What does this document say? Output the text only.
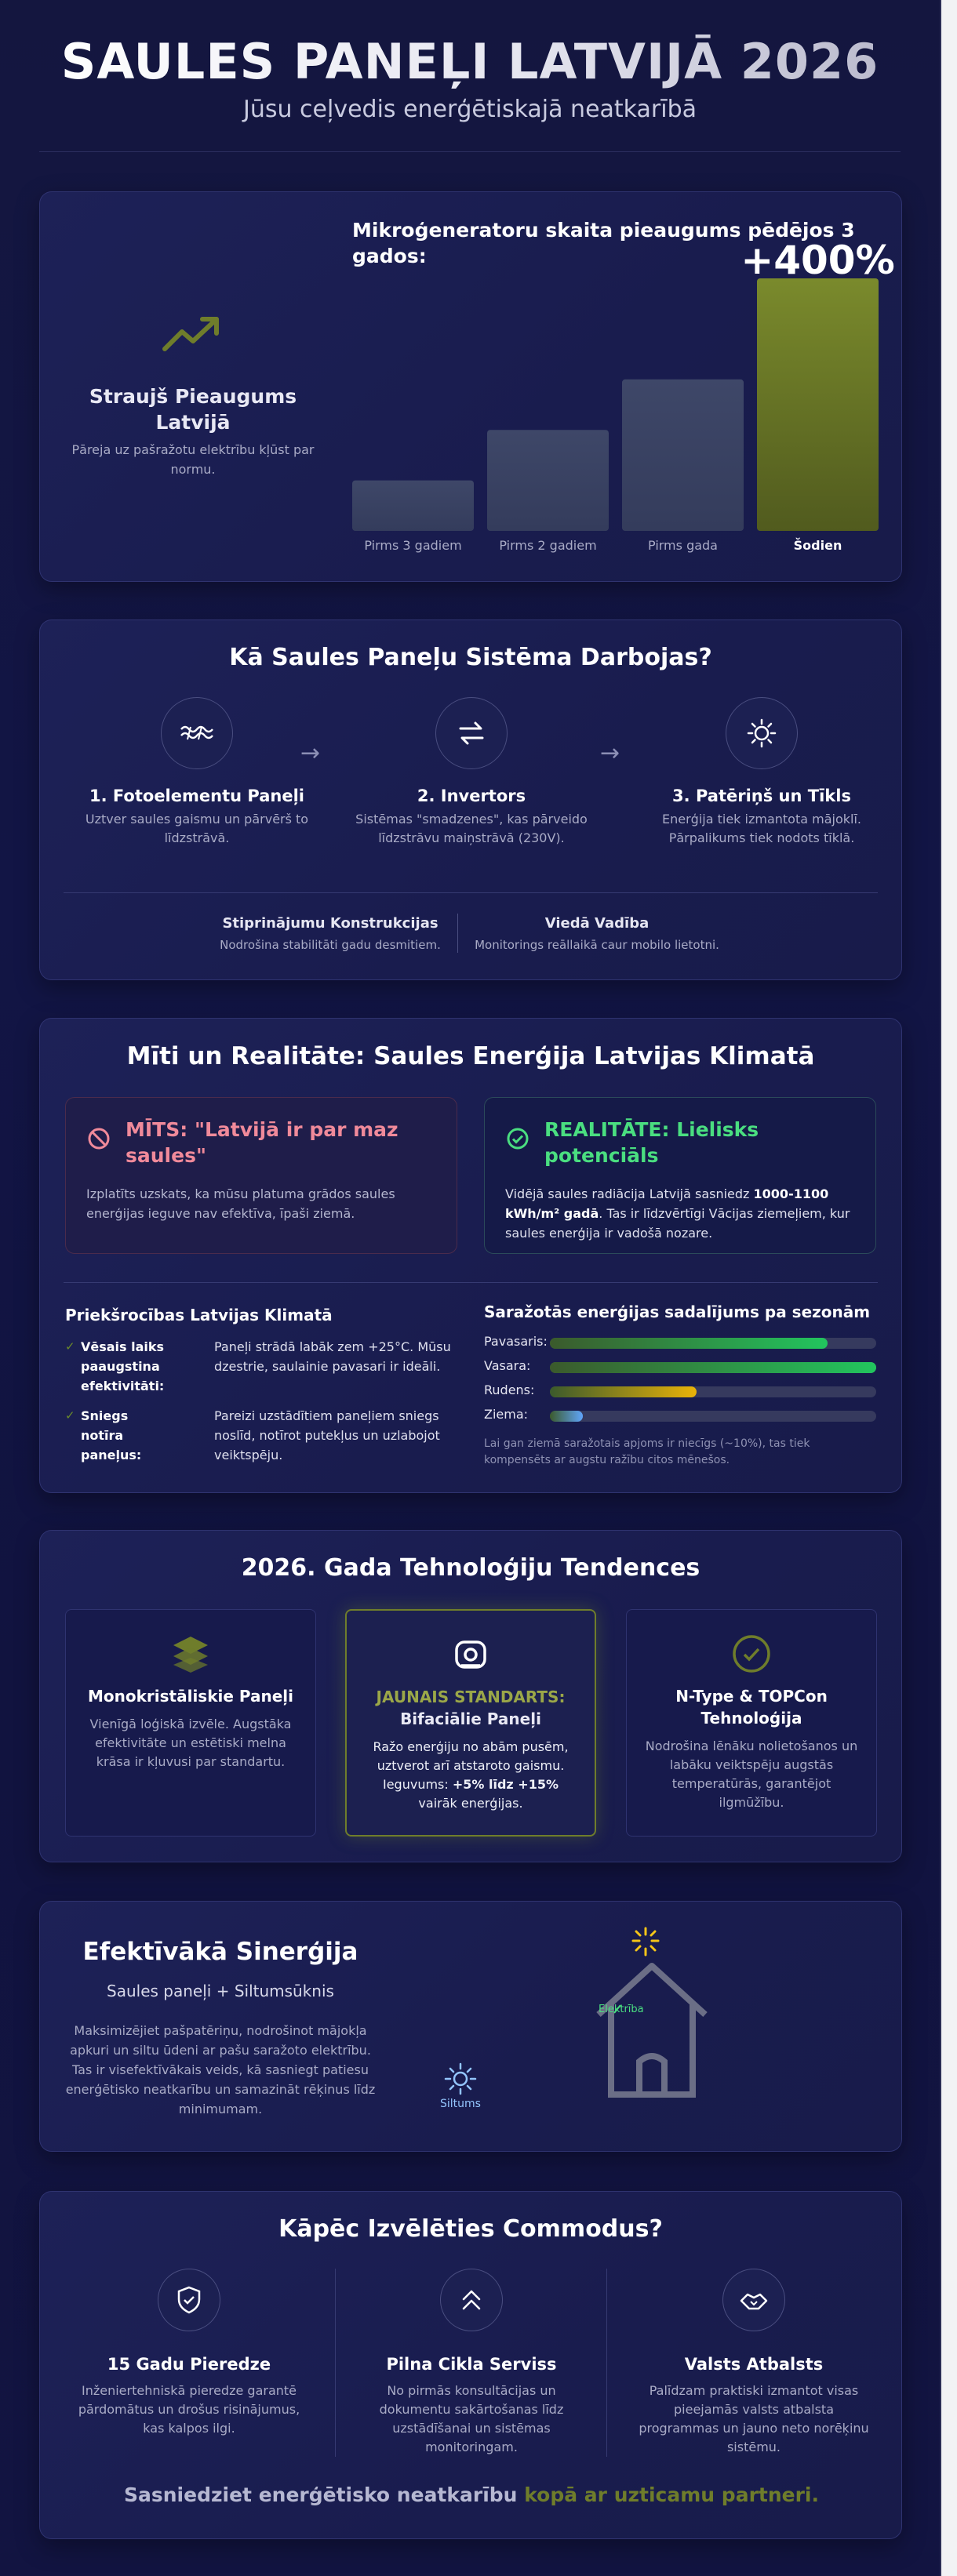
SAULES PANEĻI LATVIJĀ 2026

Jūsu ceļvedis enerģētiskajā neatkarībā

Straujš Pieaugums Latvijā

Pāreja uz pašražotu elektrību kļūst par normu.

Mikroģeneratoru skaita pieaugums pēdējos 3 gados:
Pirms 3 gadiem	Pirms 2 gadiem	Pirms gada	Šodien
+400%
Kā Saules Paneļu Sistēma Darbojas?
1. Fotoelementu Paneļi

Uztver saules gaismu un pārvērš to līdzstrāvā.

→
2. Invertors

Sistēmas "smadzenes", kas pārveido līdzstrāvu maiņstrāvā (230V).

→
3. Patēriņš un Tīkls

Enerģija tiek izmantota mājoklī. Pārpalikums tiek nodots tīklā.

Stiprinājumu Konstrukcijas

Nodrošina stabilitāti gadu desmitiem.

Viedā Vadība

Monitorings reāllaikā caur mobilo lietotni.

Mīti un Realitāte: Saules Enerģija Latvijas Klimatā
MĪTS: "Latvijā ir par maz saules"

Izplatīts uzskats, ka mūsu platuma grādos saules enerģijas ieguve nav efektīva, īpaši ziemā.

REALITĀTE: Lielisks potenciāls

Vidējā saules radiācija Latvijā sasniedz 1000-1100 kWh/m² gadā. Tas ir līdzvērtīgi Vācijas ziemeļiem, kur saules enerģija ir vadošā nozare.

Priekšrocības Latvijas Klimatā
✓ Vēsais laiks paaugstina efektivitāti:
Paneļi strādā labāk zem +25°C. Mūsu dzestrie, saulainie pavasari ir ideāli.
✓ Sniegs notīra paneļus:
Pareizi uzstādītiem paneļiem sniegs noslīd, notīrot putekļus un uzlabojot veiktspēju.
Saražotās enerģijas sadalījums pa sezonām
Pavasaris:
Vasara:
Rudens:
Ziema:
Lai gan ziemā saražotais apjoms ir niecīgs (~10%), tas tiek kompensēts ar augstu ražību citos mēnešos.
2026. Gada Tehnoloģiju Tendences
Monokristāliskie Paneļi

Vienīgā loģiskā izvēle. Augstāka efektivitāte un estētiski melna krāsa ir kļuvusi par standartu.

JAUNAIS STANDARTS:
Bifaciālie Paneļi

Ražo enerģiju no abām pusēm, uztverot arī atstaroto gaismu. Ieguvums: +5% līdz +15% vairāk enerģijas.

N-Type & TOPCon Tehnoloģija

Nodrošina lēnāku nolietošanos un labāku veiktspēju augstās temperatūrās, garantējot ilgmūžību.

Efektīvākā Sinerģija
Saules paneļi + Siltumsūknis
Maksimizējiet pašpatēriņu, nodrošinot mājokļa apkuri un siltu ūdeni ar pašu saražoto elektrību. Tas ir visefektīvākais veids, kā sasniegt patiesu enerģētisko neatkarību un samazināt rēķinus līdz minimumam.
Elektrība
Siltums
Kāpēc Izvēlēties Commodus?
15 Gadu Pieredze

Inženiertehniskā pieredze garantē pārdomātus un drošus risinājumus, kas kalpos ilgi.

Pilna Cikla Serviss

No pirmās konsultācijas un dokumentu sakārtošanas līdz uzstādīšanai un sistēmas monitoringam.

Valsts Atbalsts

Palīdzam praktiski izmantot visas pieejamās valsts atbalsta programmas un jauno neto norēķinu sistēmu.

Sasniedziet enerģētisko neatkarību kopā ar uzticamu partneri.
